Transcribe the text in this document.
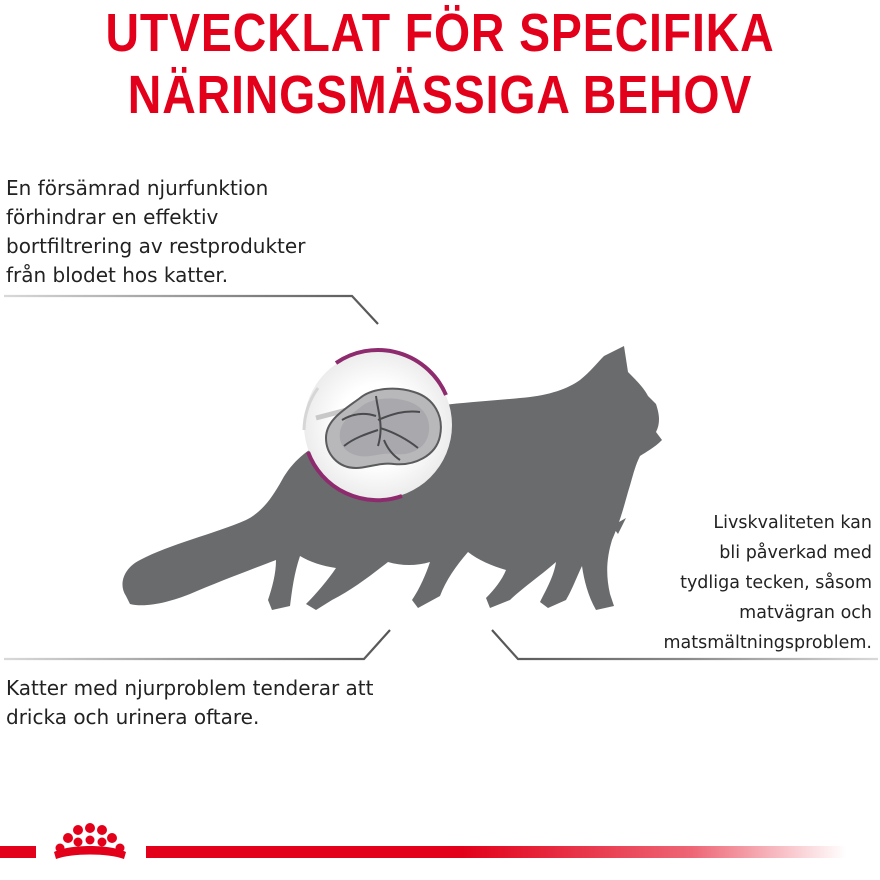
UTVECKLAT FÖR SPECIFIKA
NÄRINGSMÄSSIGA BEHOV
En försämrad njurfunktion
förhindrar en effektiv
bortfiltrering av restprodukter
från blodet hos katter.
Livskvaliteten kan
bli påverkad med
tydliga tecken, såsom
matvägran och
matsmältningsproblem.
Katter med njurproblem tenderar att
dricka och urinera oftare.
